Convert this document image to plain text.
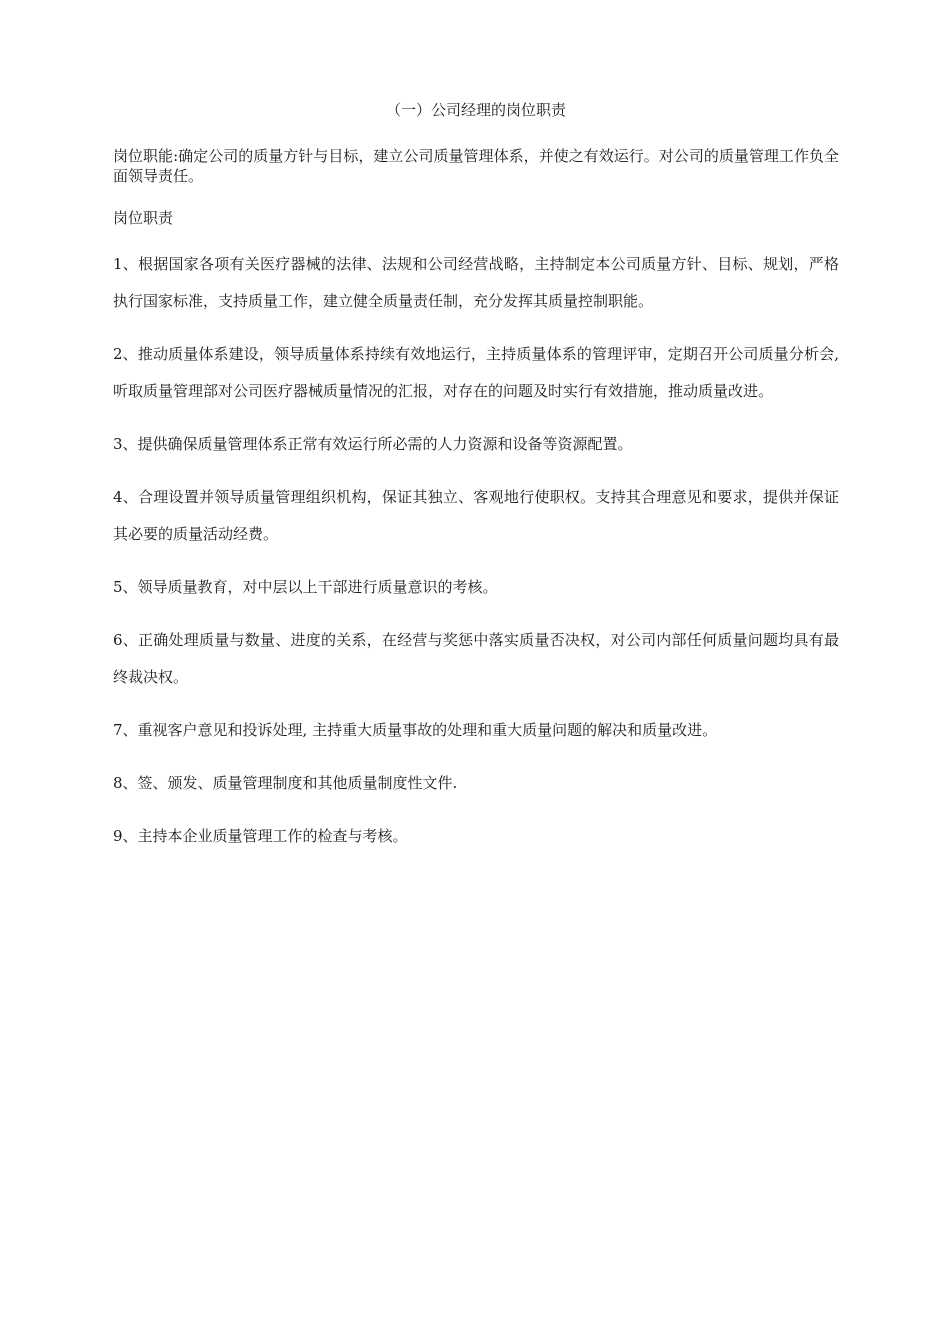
（一）公司经理的岗位职责

岗位职能:确定公司的质量方针与目标，建立公司质量管理体系，并使之有效运行。对公司的质量管理工作负全面领导责任。

岗位职责

1、根据国家各项有关医疗器械的法律、法规和公司经营战略，主持制定本公司质量方针、目标、规划，严格执行国家标准，支持质量工作，建立健全质量责任制，充分发挥其质量控制职能。

2、推动质量体系建设，领导质量体系持续有效地运行，主持质量体系的管理评审，定期召开公司质量分析会, 听取质量管理部对公司医疗器械质量情况的汇报，对存在的问题及时实行有效措施，推动质量改进。

3、提供确保质量管理体系正常有效运行所必需的人力资源和设备等资源配置。

4、合理设置并领导质量管理组织机构，保证其独立、客观地行使职权。支持其合理意见和要求，提供并保证其必要的质量活动经费。

5、领导质量教育，对中层以上干部进行质量意识的考核。

6、正确处理质量与数量、进度的关系，在经营与奖惩中落实质量否决权，对公司内部任何质量问题均具有最终裁决权。

7、重视客户意见和投诉处理, 主持重大质量事故的处理和重大质量问题的解决和质量改进。

8、签、颁发、质量管理制度和其他质量制度性文件.

9、主持本企业质量管理工作的检查与考核。
